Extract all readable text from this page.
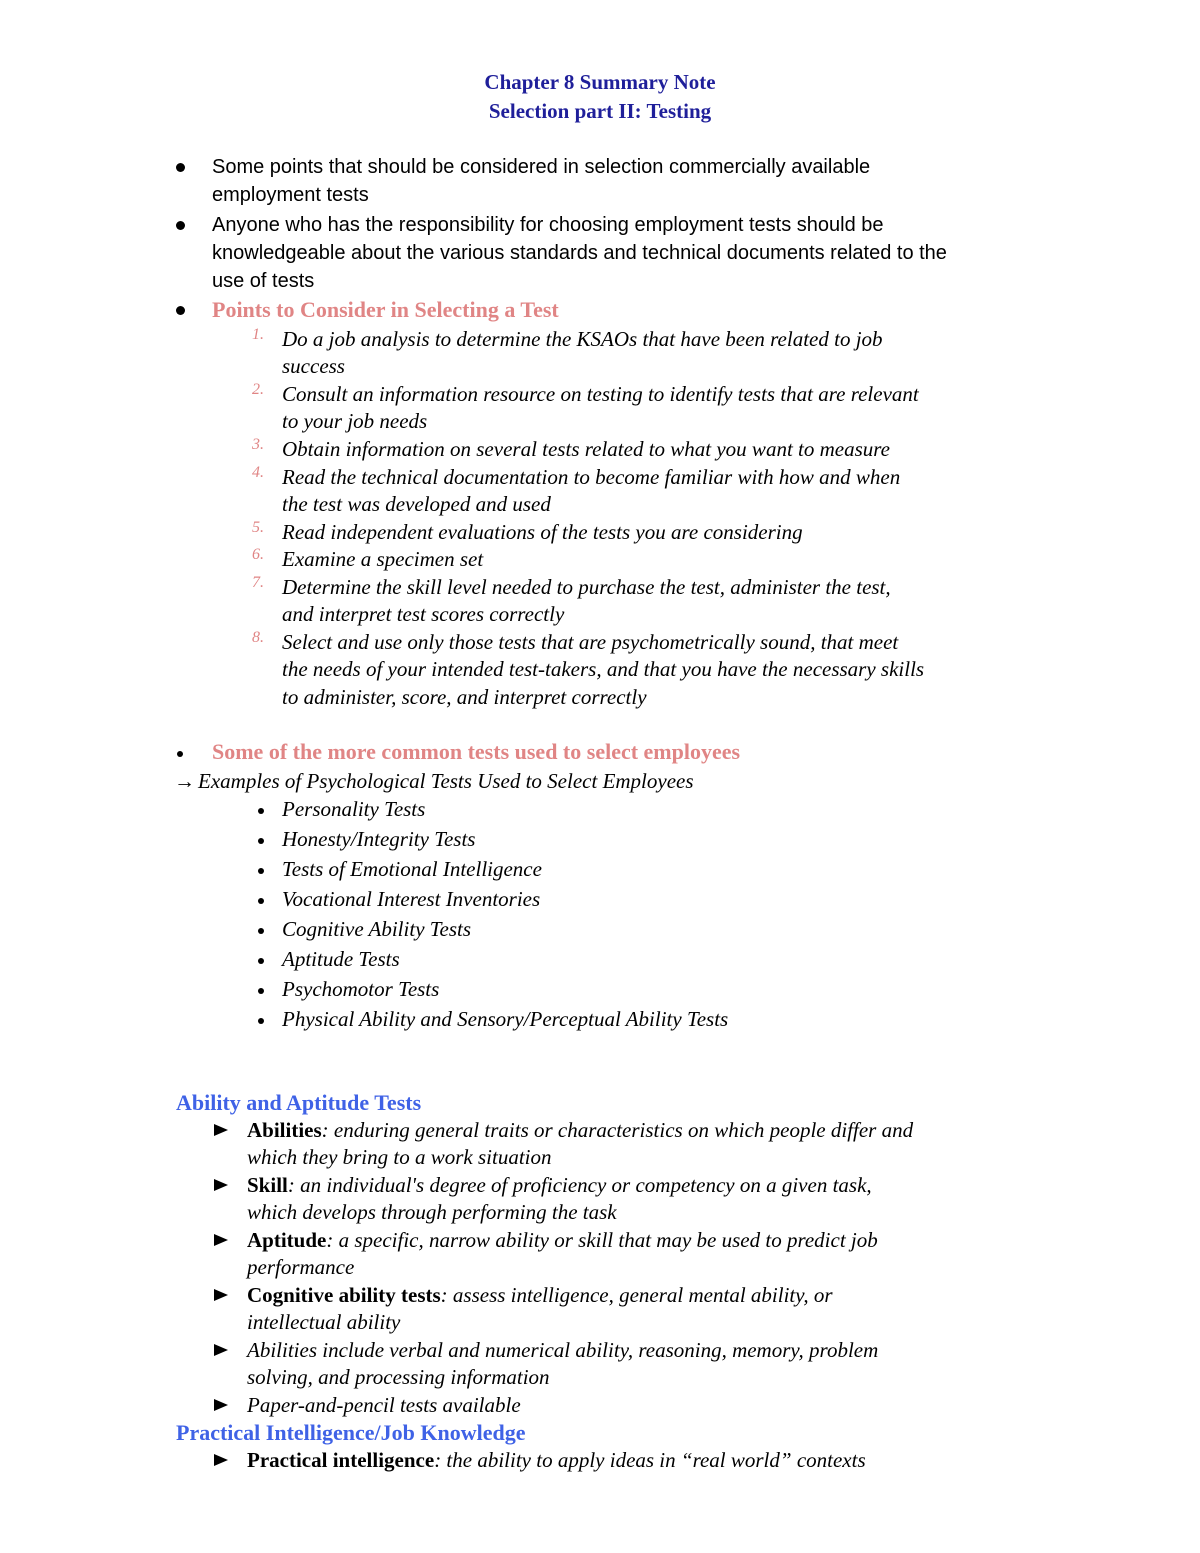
Chapter 8 Summary Note
Selection part II: Testing
Some points that should be considered in selection commercially available
employment tests
Anyone who has the responsibility for choosing employment tests should be
knowledgeable about the various standards and technical documents related to the
use of tests
Points to Consider in Selecting a Test
1. Do a job analysis to determine the KSAOs that have been related to job
success
2. Consult an information resource on testing to identify tests that are relevant
to your job needs
3. Obtain information on several tests related to what you want to measure
4. Read the technical documentation to become familiar with how and when
the test was developed and used
5. Read independent evaluations of the tests you are considering
6. Examine a specimen set
7. Determine the skill level needed to purchase the test, administer the test,
and interpret test scores correctly
8. Select and use only those tests that are psychometrically sound, that meet
the needs of your intended test-takers, and that you have the necessary skills
to administer, score, and interpret correctly
Some of the more common tests used to select employees
→ Examples of Psychological Tests Used to Select Employees
Personality Tests
Honesty/Integrity Tests
Tests of Emotional Intelligence
Vocational Interest Inventories
Cognitive Ability Tests
Aptitude Tests
Psychomotor Tests
Physical Ability and Sensory/Perceptual Ability Tests
Ability and Aptitude Tests
Abilities: enduring general traits or characteristics on which people differ and
which they bring to a work situation
Skill: an individual's degree of proficiency or competency on a given task,
which develops through performing the task
Aptitude: a specific, narrow ability or skill that may be used to predict job
performance
Cognitive ability tests: assess intelligence, general mental ability, or
intellectual ability
Abilities include verbal and numerical ability, reasoning, memory, problem
solving, and processing information
Paper-and-pencil tests available
Practical Intelligence/Job Knowledge
Practical intelligence: the ability to apply ideas in “real world” contexts
